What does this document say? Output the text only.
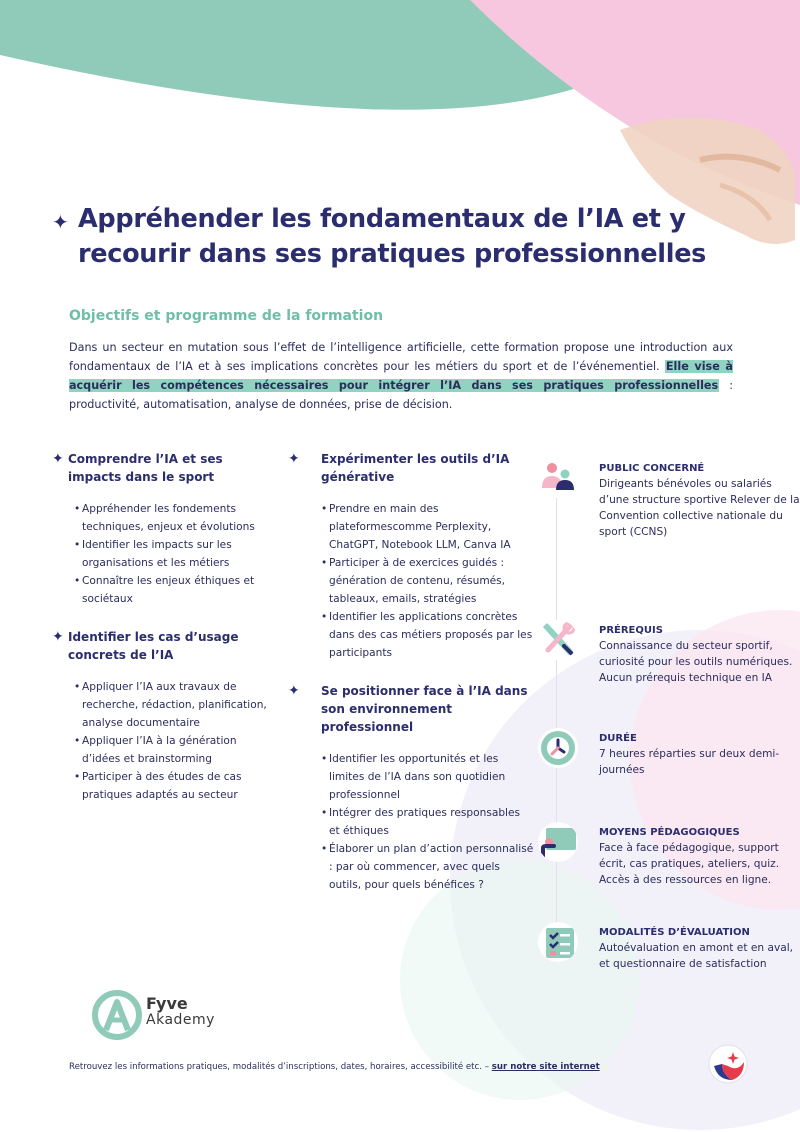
✦ Appréhender les fondamentaux de l’IA et y recourir dans ses pratiques professionnelles
Objectifs et programme de la formation

Dans un secteur en mutation sous l’effet de l’intelligence artificielle, cette formation propose une introduction aux fondamentaux de l’IA et à ses implications concrètes pour les métiers du sport et de l’événementiel. Elle vise à acquérir les compétences nécessaires pour intégrer l’IA dans ses pratiques professionnelles : productivité, automatisation, analyse de données, prise de décision.

✦ Comprendre l’IA et ses impacts dans le sport
• Appréhender les fondements techniques, enjeux et évolutions
• Identifier les impacts sur les organisations et les métiers
• Connaître les enjeux éthiques et sociétaux
✦ Identifier les cas d’usage concrets de l’IA
• Appliquer l’IA aux travaux de recherche, rédaction, planification, analyse documentaire
• Appliquer l’IA à la génération d’idées et brainstorming
• Participer à des études de cas pratiques adaptés au secteur
✦ Expérimenter les outils d’IA générative
• Prendre en main des plateformescomme Perplexity, ChatGPT, Notebook LLM, Canva IA
• Participer à de exercices guidés : génération de contenu, résumés, tableaux, emails, stratégies
• Identifier les applications concrètes dans des cas métiers proposés par les participants
✦ Se positionner face à l’IA dans son environnement professionnel
• Identifier les opportunités et les limites de l’IA dans son quotidien professionnel
• Intégrer des pratiques responsables et éthiques
• Élaborer un plan d’action personnalisé : par où commencer, avec quels outils, pour quels bénéfices ?
PUBLIC CONCERNÉ

Dirigeants bénévoles ou salariés d’une structure sportive Relever de la Convention collective nationale du sport (CCNS)

PRÉREQUIS

Connaissance du secteur sportif, curiosité pour les outils numériques. Aucun prérequis technique en IA

DURÉE

7 heures réparties sur deux demi-journées

MOYENS PÉDAGOGIQUES

Face à face pédagogique, support écrit, cas pratiques, ateliers, quiz. Accès à des ressources en ligne.

MODALITÉS D’ÉVALUATION

Autoévaluation en amont et en aval, et questionnaire de satisfaction

Fyve
Akademy
Retrouvez les informations pratiques, modalités d’inscriptions, dates, horaires, accessibilité etc. – sur notre site internet
